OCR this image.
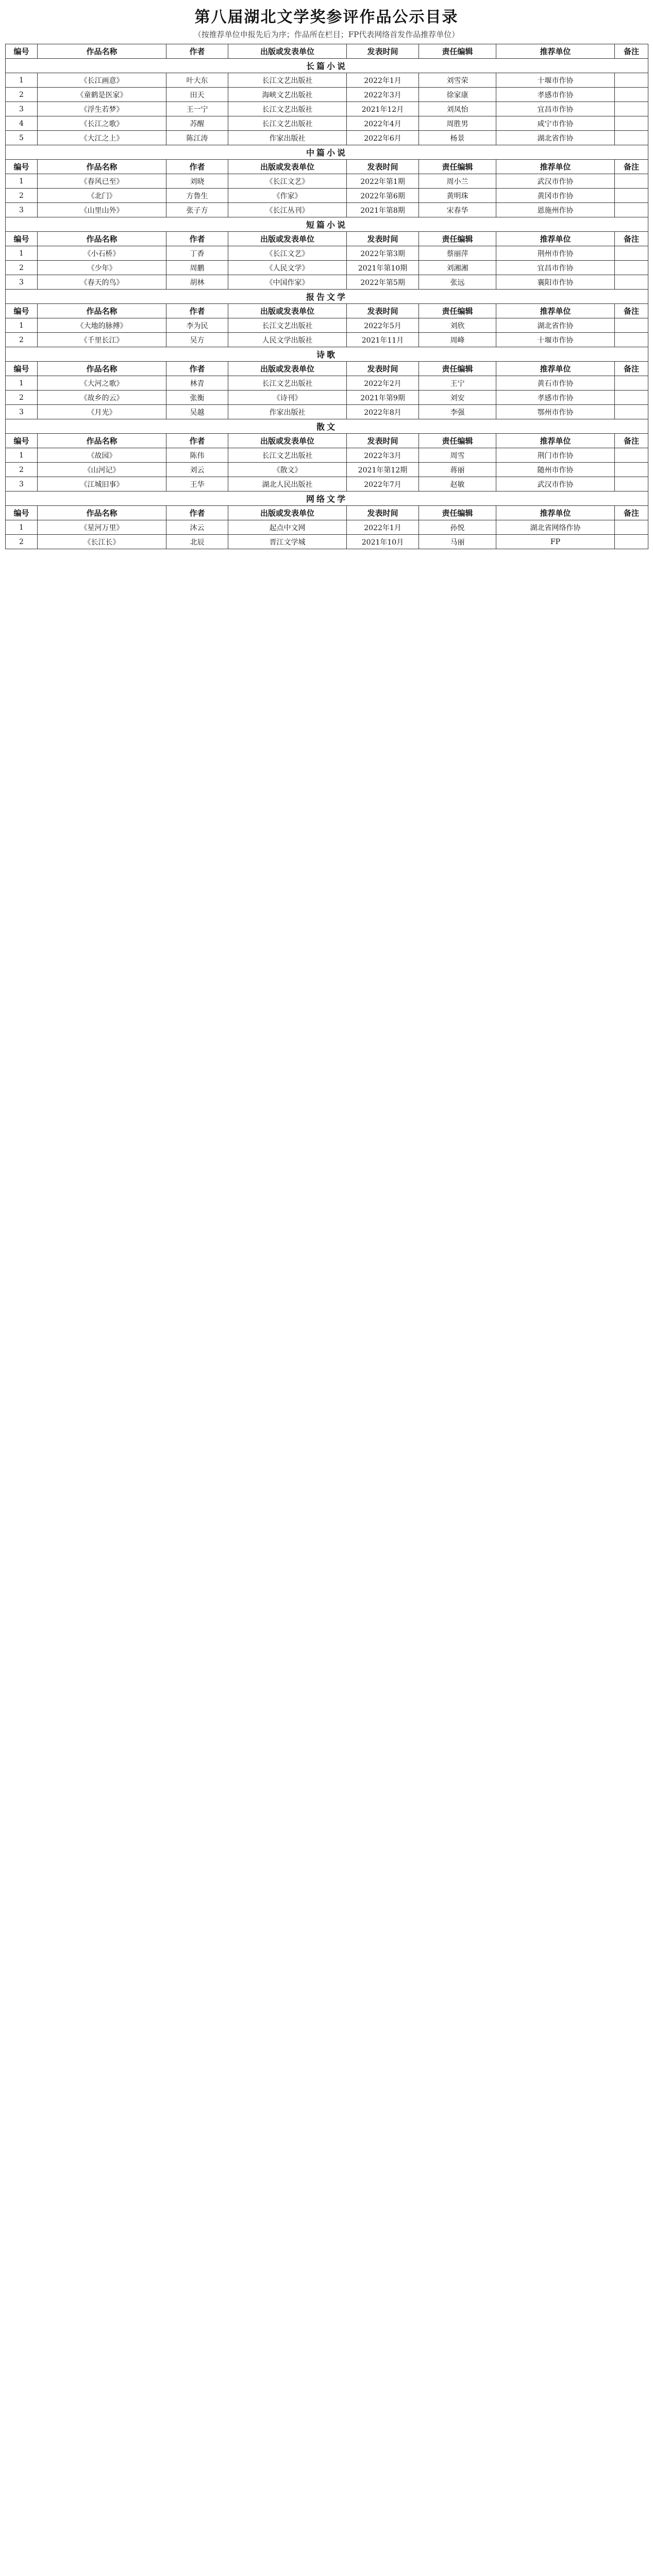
第八届湖北文学奖参评作品公示目录
（按推荐单位申报先后为序；作品所在栏目；FP代表网络首发作品推荐单位）
编号	作品名称	作者	出版或发表单位	发表时间	责任编辑	推荐单位	备注
长篇小说							
1	《长江画意》	叶大东	长江文艺出版社	2022年1月	刘雪荣	十堰市作协	
2	《童鹤是医家》	田天	海峡文艺出版社	2022年3月	徐家康	孝感市作协	
3	《浮生若梦》	王一宁	长江文艺出版社	2021年12月	刘凤怡	宜昌市作协	
4	《长江之歌》	苏醒	长江文艺出版社	2022年4月	周胜男	咸宁市作协	
5	《大江之上》	陈江涛	作家出版社	2022年6月	杨景	湖北省作协	
中篇小说							
编号	作品名称	作者	出版或发表单位	发表时间	责任编辑	推荐单位	备注
1	《春风已至》	刘晓	《长江文艺》	2022年第1期	周小兰	武汉市作协	
2	《北门》	方鲁生	《作家》	2022年第6期	黄明珠	黄冈市作协	
3	《山里山外》	张子方	《长江丛刊》	2021年第8期	宋春华	恩施州作协	
短篇小说							
编号	作品名称	作者	出版或发表单位	发表时间	责任编辑	推荐单位	备注
1	《小石桥》	丁香	《长江文艺》	2022年第3期	蔡丽萍	荆州市作协	
2	《少年》	周鹏	《人民文学》	2021年第10期	刘湘湘	宜昌市作协	
3	《春天的鸟》	胡林	《中国作家》	2022年第5期	张远	襄阳市作协	
报告文学							
编号	作品名称	作者	出版或发表单位	发表时间	责任编辑	推荐单位	备注
1	《大地的脉搏》	李为民	长江文艺出版社	2022年5月	刘欣	湖北省作协	
2	《千里长江》	吴方	人民文学出版社	2021年11月	周峰	十堰市作协	
诗歌							
编号	作品名称	作者	出版或发表单位	发表时间	责任编辑	推荐单位	备注
1	《大河之歌》	林青	长江文艺出版社	2022年2月	王宁	黄石市作协	
2	《故乡的云》	张衡	《诗刊》	2021年第9期	刘安	孝感市作协	
3	《月光》	吴越	作家出版社	2022年8月	李强	鄂州市作协	
散文							
编号	作品名称	作者	出版或发表单位	发表时间	责任编辑	推荐单位	备注
1	《故园》	陈伟	长江文艺出版社	2022年3月	周雪	荆门市作协	
2	《山河记》	刘云	《散文》	2021年第12期	蒋丽	随州市作协	
3	《江城旧事》	王华	湖北人民出版社	2022年7月	赵敏	武汉市作协	
网络文学							
编号	作品名称	作者	出版或发表单位	发表时间	责任编辑	推荐单位	备注
1	《星河万里》	沐云	起点中文网	2022年1月	孙悦	湖北省网络作协	
2	《长江长》	北辰	晋江文学城	2021年10月	马丽	FP	
